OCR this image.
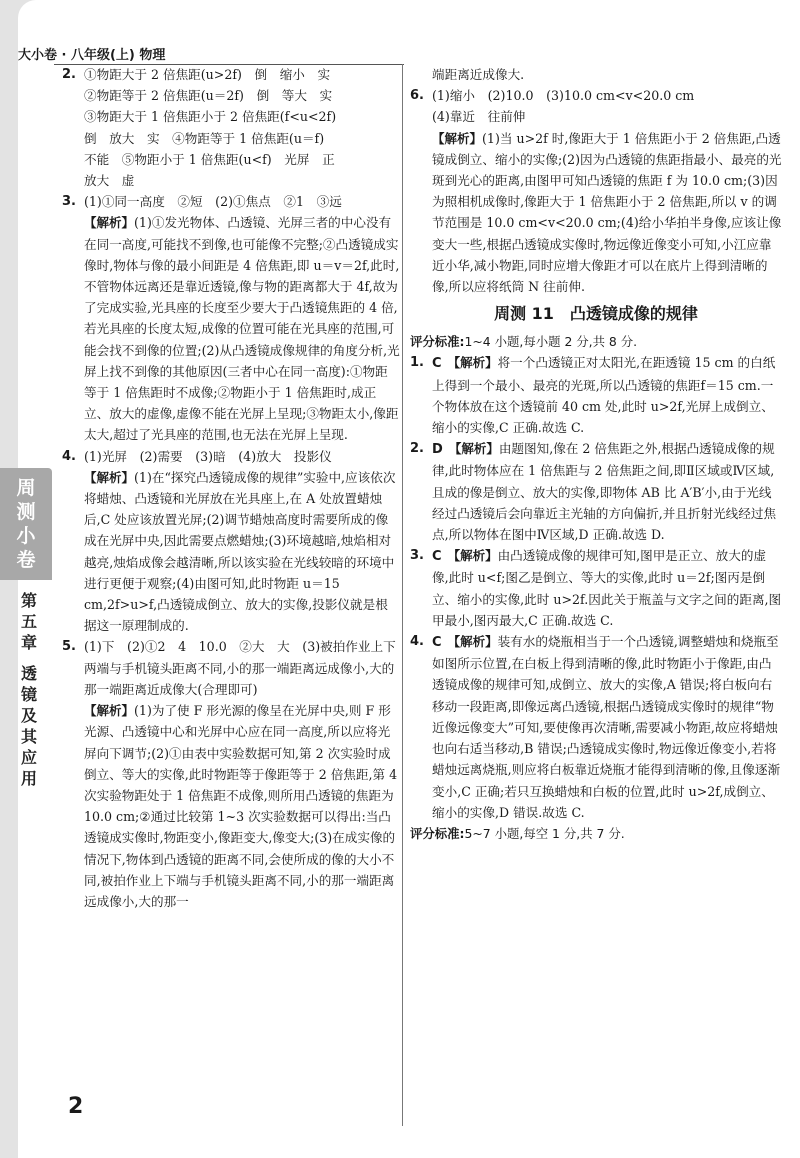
大小卷 · 八年级(上) 物理
周
测
小
卷
第
五
章
透
镜
及
其
应
用
2. ①物距大于 2 倍焦距(u>2f)　倒　缩小　实

②物距等于 2 倍焦距(u＝2f)　倒　等大　实

③物距大于 1 倍焦距小于 2 倍焦距(f<u<2f)

倒　放大　实　④物距等于 1 倍焦距(u＝f)

不能　⑤物距小于 1 倍焦距(u<f)　光屏　正

放大　虚

3. (1)①同一高度　②短　(2)①焦点　②1　③远

【解析】(1)①发光物体、凸透镜、光屏三者的中心没有在同一高度,可能找不到像,也可能像不完整;②凸透镜成实像时,物体与像的最小间距是 4 倍焦距,即 u＝v＝2f,此时,不管物体远离还是靠近透镜,像与物的距离都大于 4f,故为了完成实验,光具座的长度至少要大于凸透镜焦距的 4 倍,若光具座的长度太短,成像的位置可能在光具座的范围,可能会找不到像的位置;(2)从凸透镜成像规律的角度分析,光屏上找不到像的其他原因(三者中心在同一高度):①物距等于 1 倍焦距时不成像;②物距小于 1 倍焦距时,成正立、放大的虚像,虚像不能在光屏上呈现;③物距太小,像距太大,超过了光具座的范围,也无法在光屏上呈现.

4. (1)光屏　(2)需要　(3)暗　(4)放大　投影仪

【解析】(1)在“探究凸透镜成像的规律”实验中,应该依次将蜡烛、凸透镜和光屏放在光具座上,在 A 处放置蜡烛后,C 处应该放置光屏;(2)调节蜡烛高度时需要所成的像成在光屏中央,因此需要点燃蜡烛;(3)环境越暗,烛焰相对越亮,烛焰成像会越清晰,所以该实验在光线较暗的环境中进行更便于观察;(4)由图可知,此时物距 u＝15 cm,2f>u>f,凸透镜成倒立、放大的实像,投影仪就是根据这一原理制成的.

5. (1)下　(2)①2　4　10.0　②大　大　(3)被拍作业上下两端与手机镜头距离不同,小的那一端距离远成像小,大的那一端距离近成像大(合理即可)

【解析】(1)为了使 F 形光源的像呈在光屏中央,则 F 形光源、凸透镜中心和光屏中心应在同一高度,所以应将光屏向下调节;(2)①由表中实验数据可知,第 2 次实验时成倒立、等大的实像,此时物距等于像距等于 2 倍焦距,第 4 次实验物距处于 1 倍焦距不成像,则所用凸透镜的焦距为 10.0 cm;②通过比较第 1~3 次实验数据可以得出:当凸透镜成实像时,物距变小,像距变大,像变大;(3)在成实像的情况下,物体到凸透镜的距离不同,会使所成的像的大小不同,被拍作业上下端与手机镜头距离不同,小的那一端距离远成像小,大的那一

端距离近成像大.

6. (1)缩小　(2)10.0　(3)10.0 cm<v<20.0 cm

(4)靠近　往前伸

【解析】(1)当 u>2f 时,像距大于 1 倍焦距小于 2 倍焦距,凸透镜成倒立、缩小的实像;(2)因为凸透镜的焦距指最小、最亮的光斑到光心的距离,由图甲可知凸透镜的焦距 f 为 10.0 cm;(3)因为照相机成像时,像距大于 1 倍焦距小于 2 倍焦距,所以 v 的调节范围是 10.0 cm<v<20.0 cm;(4)给小华拍半身像,应该让像变大一些,根据凸透镜成实像时,物远像近像变小可知,小江应靠近小华,减小物距,同时应增大像距才可以在底片上得到清晰的像,所以应将纸筒 N 往前伸.

周测 11　凸透镜成像的规律

评分标准:1~4 小题,每小题 2 分,共 8 分.

1. C 【解析】将一个凸透镜正对太阳光,在距透镜 15 cm 的白纸上得到一个最小、最亮的光斑,所以凸透镜的焦距f＝15 cm.一个物体放在这个透镜前 40 cm 处,此时 u>2f,光屏上成倒立、缩小的实像,C 正确.故选 C.

2. D 【解析】由题图知,像在 2 倍焦距之外,根据凸透镜成像的规律,此时物体应在 1 倍焦距与 2 倍焦距之间,即Ⅱ区域或Ⅳ区域,且成的像是倒立、放大的实像,即物体 AB 比 A′B′小,由于光线经过凸透镜后会向靠近主光轴的方向偏折,并且折射光线经过焦点,所以物体在图中Ⅳ区域,D 正确.故选 D.

3. C 【解析】由凸透镜成像的规律可知,图甲是正立、放大的虚像,此时 u<f;图乙是倒立、等大的实像,此时 u＝2f;图丙是倒立、缩小的实像,此时 u>2f.因此关于瓶盖与文字之间的距离,图甲最小,图丙最大,C 正确.故选 C.

4. C 【解析】装有水的烧瓶相当于一个凸透镜,调整蜡烛和烧瓶至如图所示位置,在白板上得到清晰的像,此时物距小于像距,由凸透镜成像的规律可知,成倒立、放大的实像,A 错误;将白板向右移动一段距离,即像远离凸透镜,根据凸透镜成实像时的规律“物近像远像变大”可知,要使像再次清晰,需要减小物距,故应将蜡烛也向右适当移动,B 错误;凸透镜成实像时,物远像近像变小,若将蜡烛远离烧瓶,则应将白板靠近烧瓶才能得到清晰的像,且像逐渐变小,C 正确;若只互换蜡烛和白板的位置,此时 u>2f,成倒立、缩小的实像,D 错误.故选 C.

评分标准:5~7 小题,每空 1 分,共 7 分.

2
